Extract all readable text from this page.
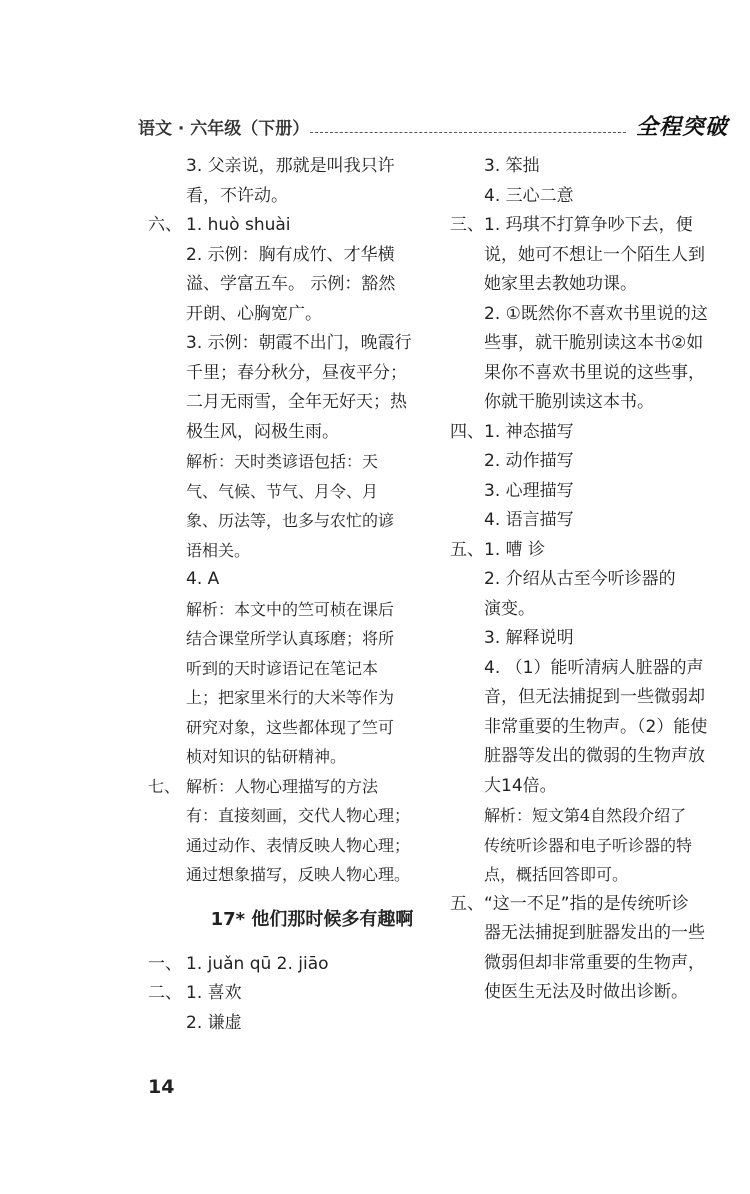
语文 · 六年级（下册）	全程突破
3. 父亲说，那就是叫我只许
看，不许动。
六、 1. huò shuài
2. 示例：胸有成竹、才华横
溢、学富五车。 示例：豁然
开朗、心胸宽广。
3. 示例：朝霞不出门，晚霞行
千里；春分秋分，昼夜平分；
二月无雨雪，全年无好天；热
极生风，闷极生雨。
解析：天时类谚语包括：天
气、气候、节气、月令、月
象、历法等，也多与农忙的谚
语相关。
4. A
解析：本文中的竺可桢在课后
结合课堂所学认真琢磨；将所
听到的天时谚语记在笔记本
上；把家里米行的大米等作为
研究对象，这些都体现了竺可
桢对知识的钻研精神。
七、 解析：人物心理描写的方法
有：直接刻画，交代人物心理；
通过动作、表情反映人物心理；
通过想象描写，反映人物心理。
17* 他们那时候多有趣啊
一、 1. juǎn qū 2. jiāo
二、 1. 喜欢
2. 谦虚
3. 笨拙
4. 三心二意
三、 1. 玛琪不打算争吵下去，便
说，她可不想让一个陌生人到
她家里去教她功课。
2. ①既然你不喜欢书里说的这
些事，就干脆别读这本书②如
果你不喜欢书里说的这些事，
你就干脆别读这本书。
四、 1. 神态描写
2. 动作描写
3. 心理描写
4. 语言描写
五、 1. 嘈 诊
2. 介绍从古至今听诊器的
演变。
3. 解释说明
4. （1）能听清病人脏器的声
音，但无法捕捉到一些微弱却
非常重要的生物声。（2）能使
脏器等发出的微弱的生物声放
大14倍。
解析：短文第4自然段介绍了
传统听诊器和电子听诊器的特
点，概括回答即可。
五、 “这一不足”指的是传统听诊
器无法捕捉到脏器发出的一些
微弱但却非常重要的生物声，
使医生无法及时做出诊断。
14
